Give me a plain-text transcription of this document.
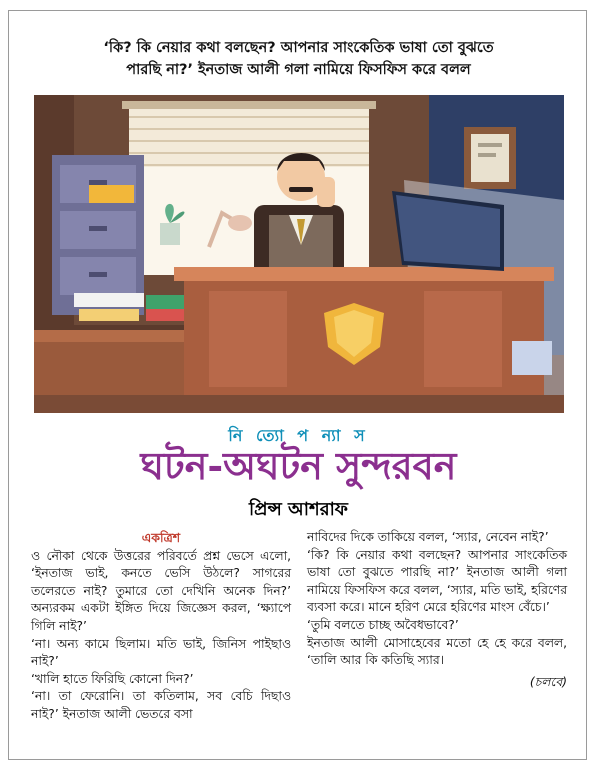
‘কি? কি নেয়ার কথা বলছেন? আপনার সাংকেতিক ভাষা তো বুঝতে
পারছি না?’ ইনতাজ আলী গলা নামিয়ে ফিসফিস করে বলল
নি ত্যো প ন্যা স
ঘটন-অঘটন সুন্দরবন
প্রিন্স আশরাফ

একত্রিশ

ও নৌকা থেকে উত্তরের পরিবর্তে প্রশ্ন ভেসে এলো, ‘ইনতাজ ভাই, কনতে ভেসি উঠলে? সাগরের তলেরতে নাই? তুমারে তো দেখিনি অনেক দিন?’ অন্যরকম একটা ইঙ্গিত দিয়ে জিজ্ঞেস করল, ‘ক্ষ্যাপে গিলি নাই?’

‘না। অন্য কামে ছিলাম। মতি ভাই, জিনিস পাইছাও নাই?’

‘খালি হাতে ফিরিছি কোনো দিন?’

‘না। তা ফেরোনি। তা কতিলাম, সব বেচি দিছাও নাই?’ ইনতাজ আলী ভেতরে বসা

নাবিদের দিকে তাকিয়ে বলল, ‘স্যার, নেবেন নাই?’

‘কি? কি নেয়ার কথা বলছেন? আপনার সাংকেতিক ভাষা তো বুঝতে পারছি না?’ ইনতাজ আলী গলা নামিয়ে ফিসফিস করে বলল, ‘স্যার, মতি ভাই, হরিণের ব্যবসা করে। মানে হরিণ মেরে হরিণের মাংস বেঁচে।’

‘তুমি বলতে চাচ্ছ অবৈধভাবে?’

ইনতাজ আলী মোসাহেবের মতো হে হে করে বলল, ‘তালি আর কি কতিছি স্যার।

(চলবে)
